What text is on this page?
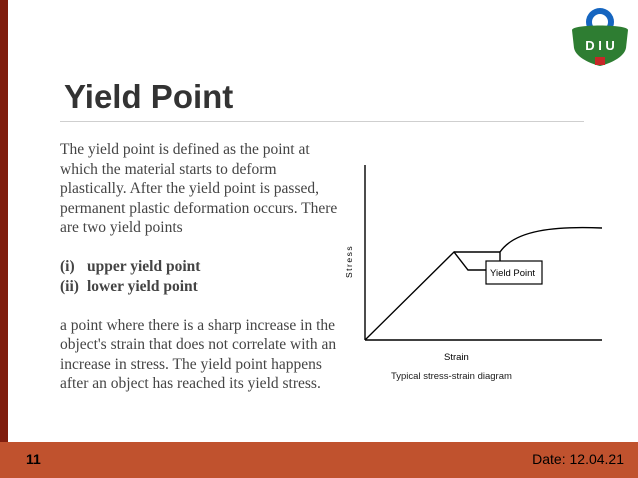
D I U
Yield Point

The yield point is defined as the point at

which the material starts to deform

plastically. After the yield point is passed,

permanent plastic deformation occurs. There

are two yield points

(i) upper yield point

(ii) lower yield point

a point where there is a sharp increase in the

object's strain that does not correlate with an

increase in stress. The yield point happens

after an object has reached its yield stress.

Yield Point
Stress
Strain
Typical stress-strain diagram
11	Date: 12.04.21
